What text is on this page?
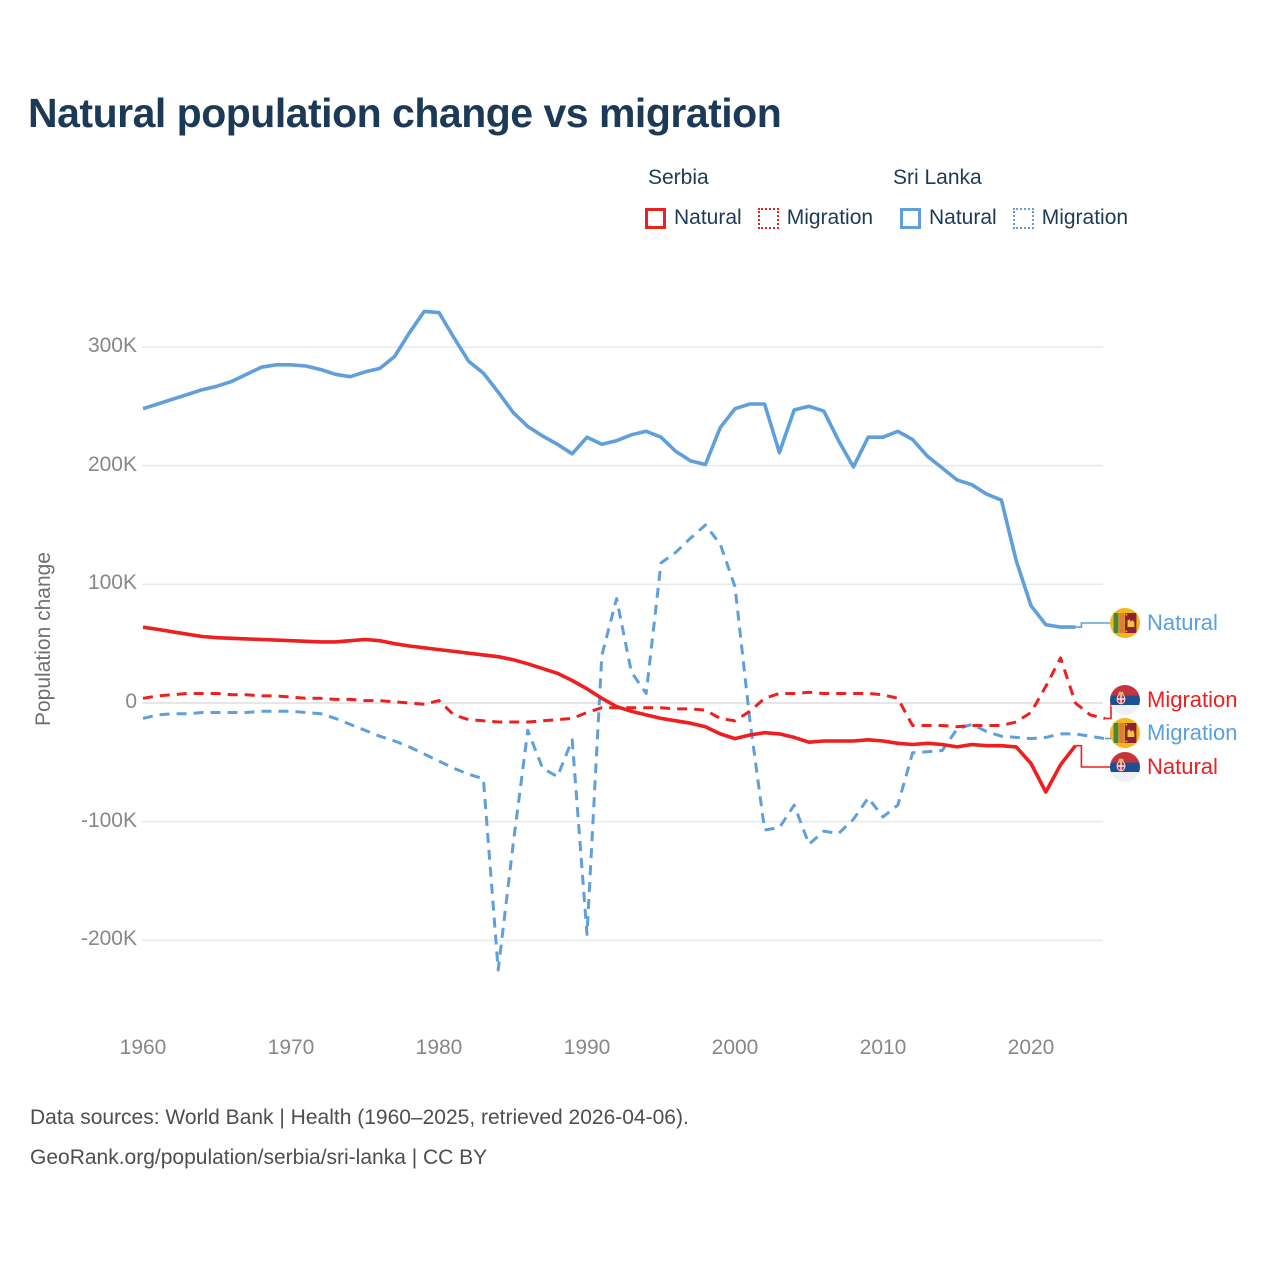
300K
200K
100K
0
-100K
-200K
1960	1970	1980	1990	2000	2010	2020
Natural population change vs migration
Serbia
Natural Migration
Sri Lanka
Natural Migration
Population change	Natural
Migration
Migration
Natural
Data sources: World Bank | Health (1960–2025, retrieved 2026-04-06).
GeoRank.org/population/serbia/sri-lanka | CC BY
